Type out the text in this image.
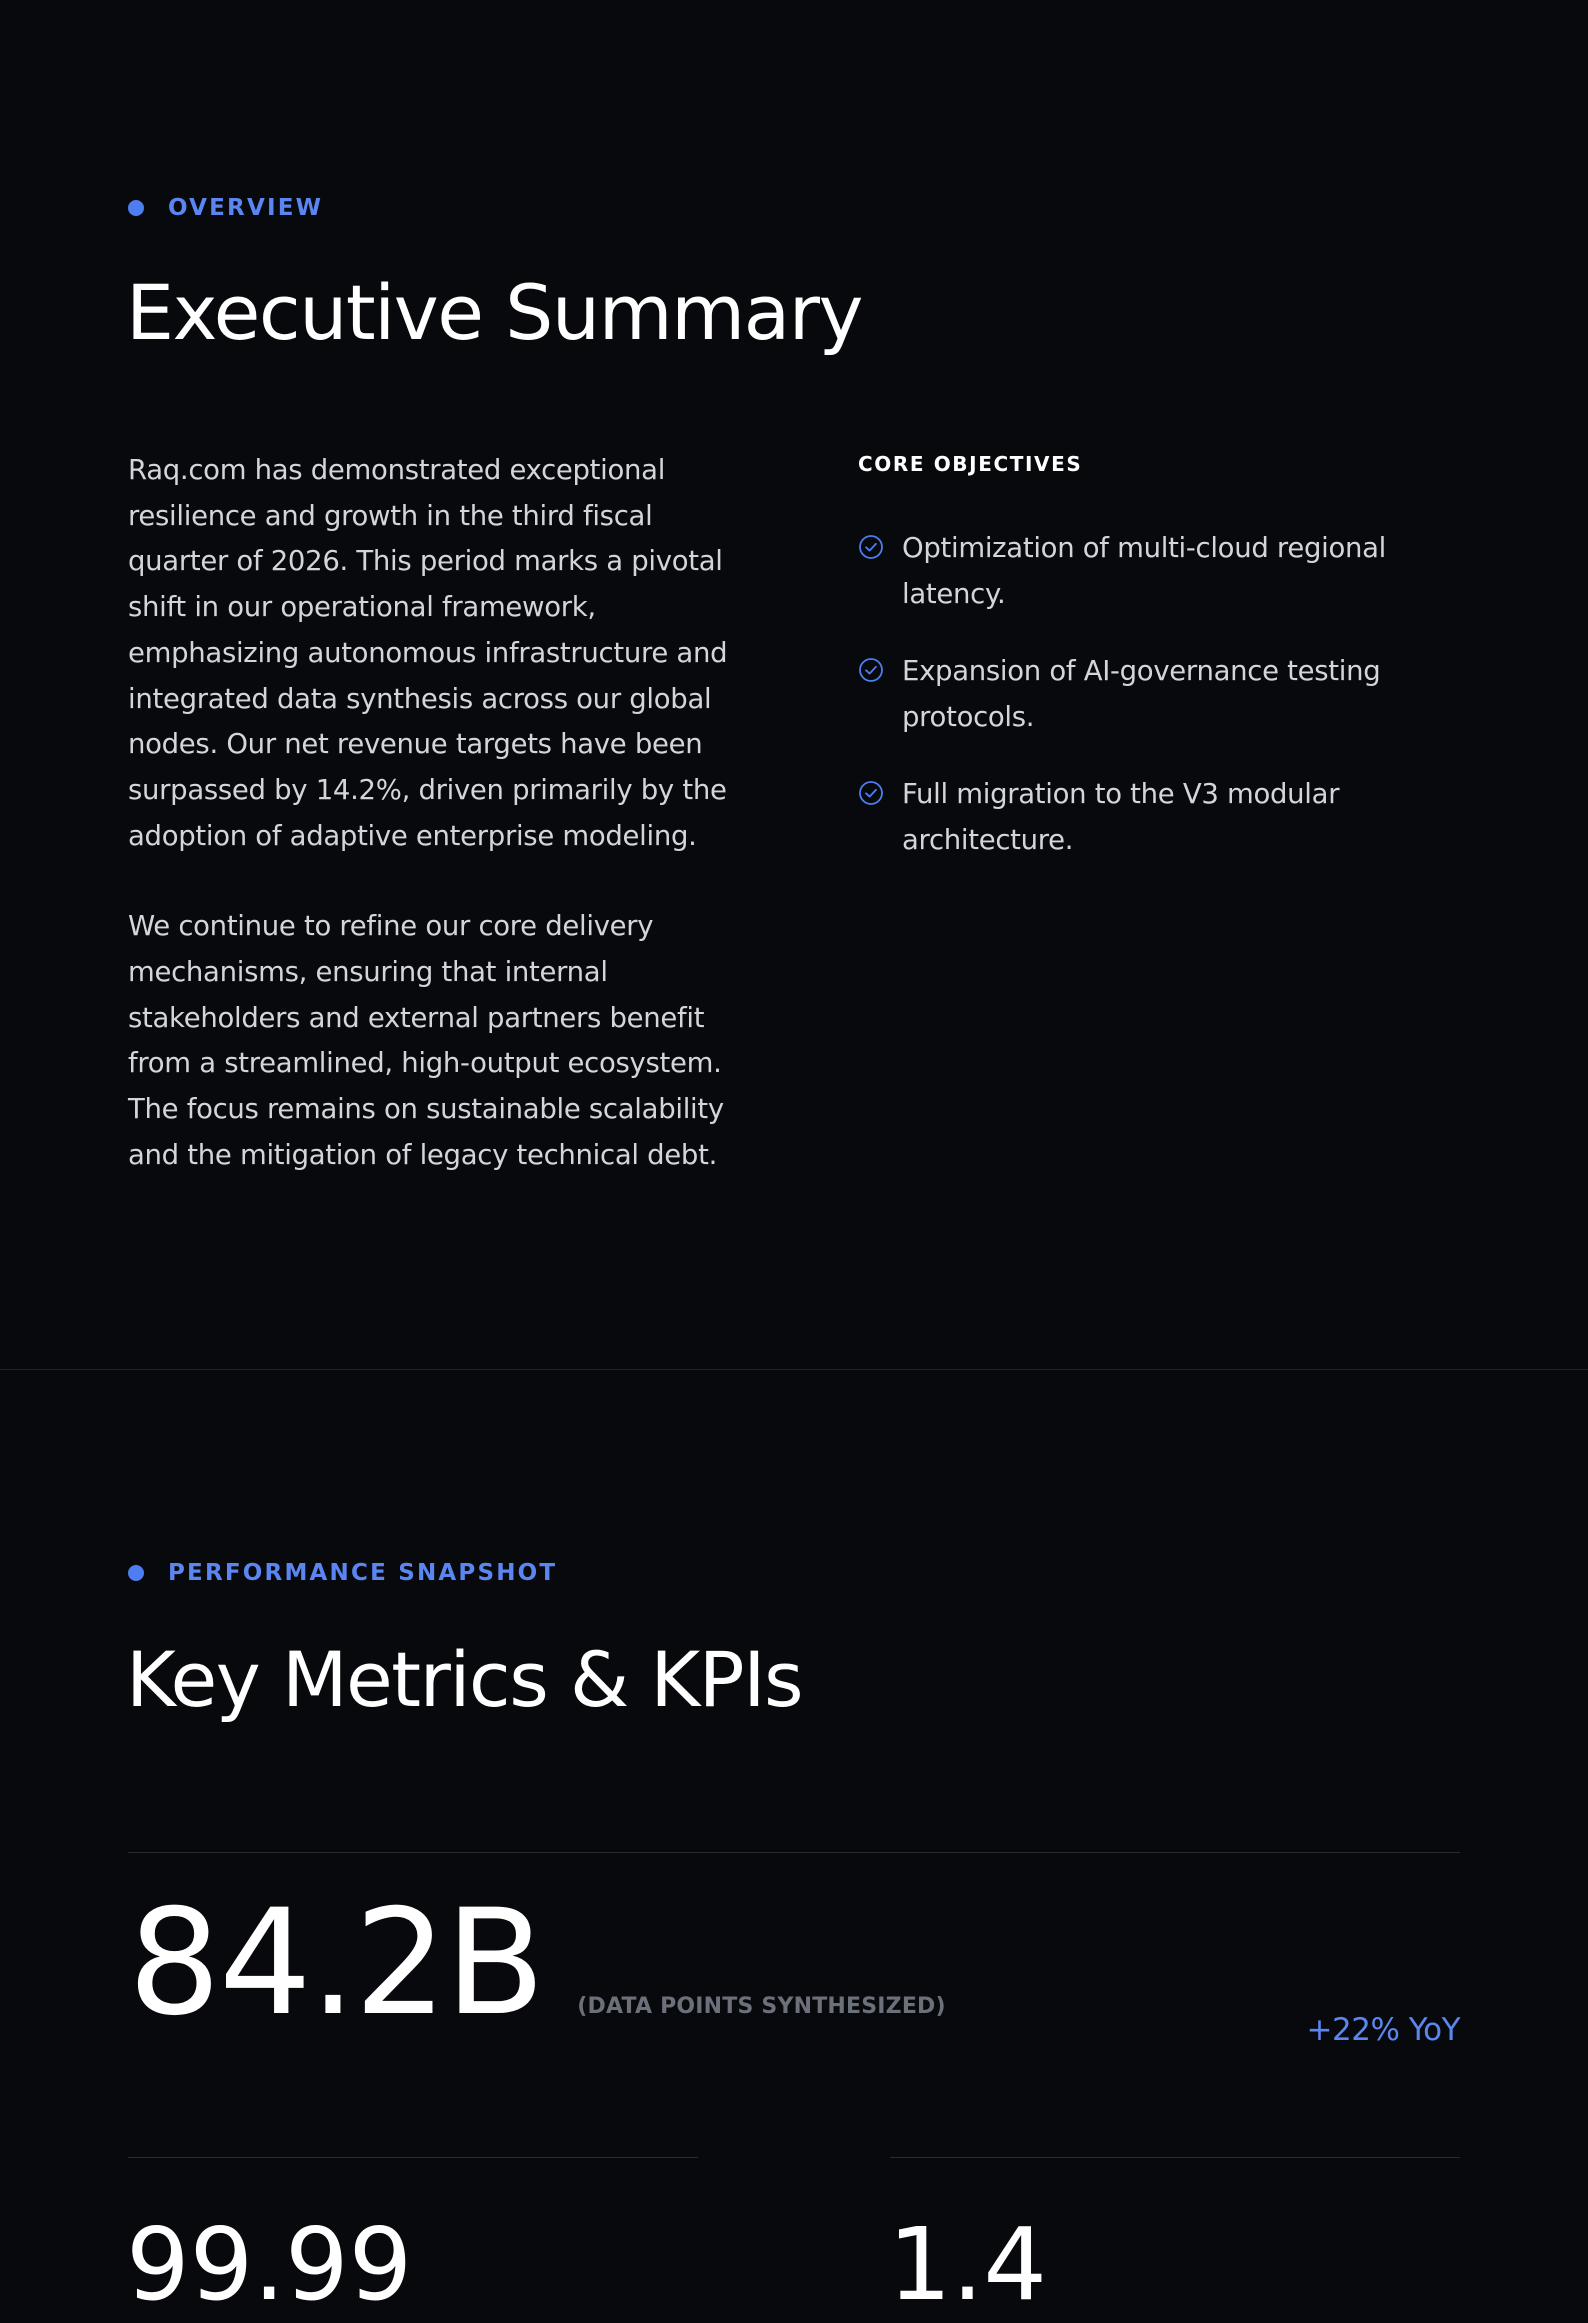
OVERVIEW
Executive Summary

Raq.com has demonstrated exceptional resilience and growth in the third fiscal quarter of 2026. This period marks a pivotal shift in our operational framework, emphasizing autonomous infrastructure and integrated data synthesis across our global nodes. Our net revenue targets have been surpassed by 14.2%, driven primarily by the adoption of adaptive enterprise modeling.

We continue to refine our core delivery mechanisms, ensuring that internal stakeholders and external partners benefit from a streamlined, high-output ecosystem. The focus remains on sustainable scalability and the mitigation of legacy technical debt.

CORE OBJECTIVES
Optimization of multi-cloud regional latency.
Expansion of AI-governance testing protocols.
Full migration to the V3 modular architecture.
PERFORMANCE SNAPSHOT
Key Metrics & KPIs
84.2B (DATA POINTS SYNTHESIZED)
+22% YoY
99.99	1.4
